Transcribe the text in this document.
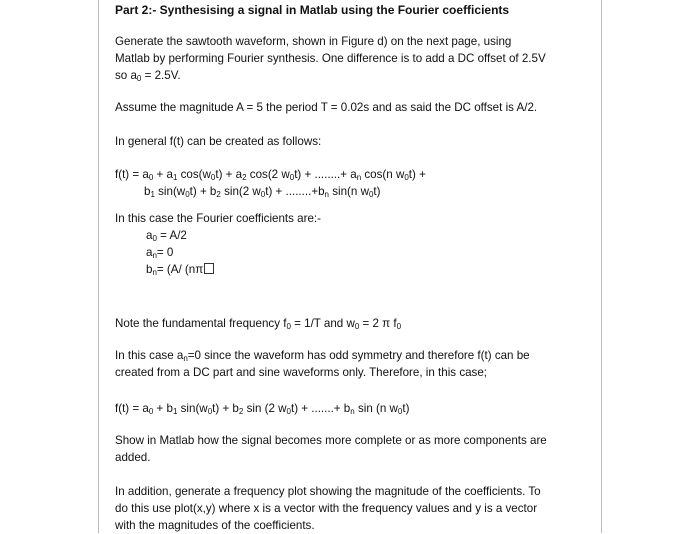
Part 2:- Synthesising a signal in Matlab using the Fourier coefficients
Generate the sawtooth waveform, shown in Figure d) on the next page, using
Matlab by performing Fourier synthesis. One difference is to add a DC offset of 2.5V
so $a_0 = 2.5V$.
Assume the magnitude A = 5 the period T = 0.02s and as said the DC offset is A/2.
In general f(t) can be created as follows:
$f(t) = a_0 + a_1$ $\cos(w_0t) + a_2$ cos(2 $w_0t$) + ........+ $a_n$ cos(n $w_0t$) +
$b_1$ $\sin(w_0t) + b_2$ sin(2 $w_0t) + ........+b_n$ sin(n $w_0t$)
In this case the Fourier coefficients are:-
$a_0 = A/2$
$a_n= 0$
$b_n= (A/$ (nπ
Note the fundamental frequency $f_0 = 1/T$ and $w_0 = 2$ π $f_0$
In this case $a_n=0$ since the waveform has odd symmetry and therefore f(t) can be
created from a DC part and sine waveforms only. Therefore, in this case;
$f(t) = a_0 + b_1$ $\sin(w_0t) + b_2$ sin (2 $w_0t$) + .......+ $b_n$ sin (n $w_0t$)
Show in Matlab how the signal becomes more complete or as more components are
added.
In addition, generate a frequency plot showing the magnitude of the coefficients. To
do this use plot(x,y) where x is a vector with the frequency values and y is a vector
with the magnitudes of the coefficients.
